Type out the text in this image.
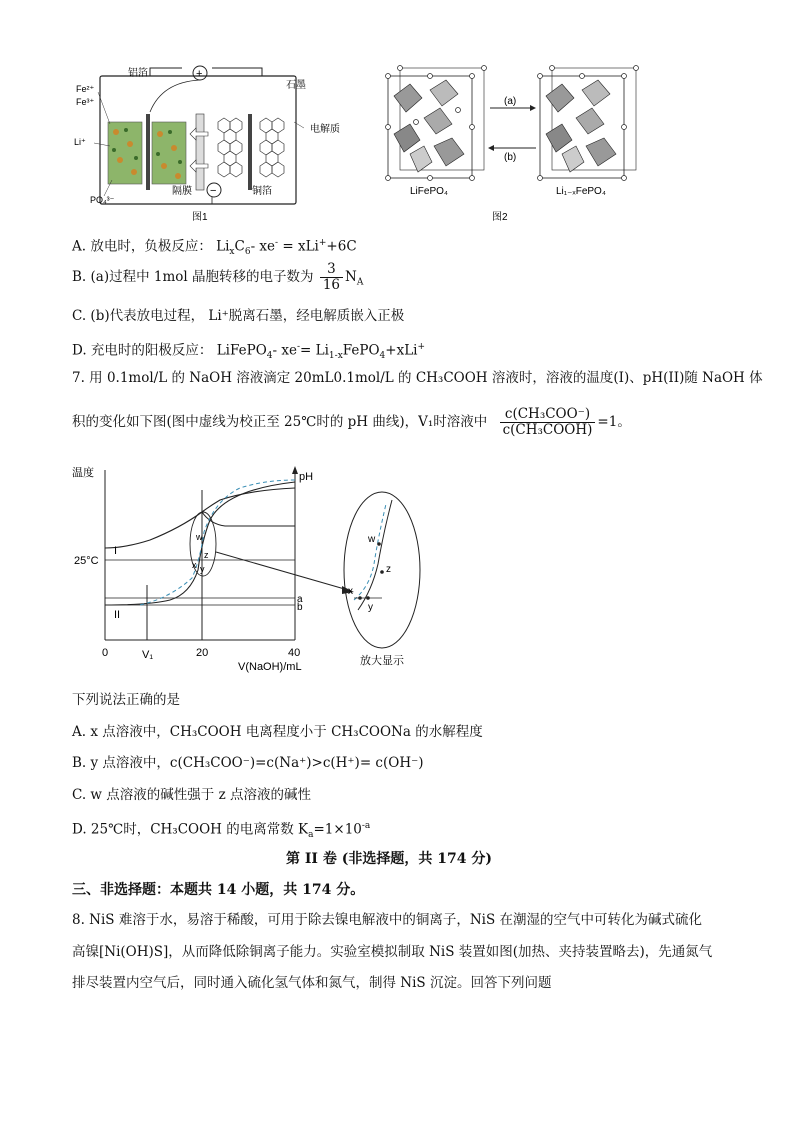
+
−
Fe²⁺
Fe³⁺
Li⁺
PO₄³⁻
铝箔
石墨
电解质
隔膜	铜箔
图1
(a)
(b)
LiFePO₄	Li₁₋ₓFePO₄
图2
A. 放电时，负极反应： $Li_xC_6-$ xe- = xLi++6C
B. (a)过程中 1mol 晶胞转移的电子数为 $\frac{3}{16} N_A$
C. (b)代表放电过程， Li⁺脱离石墨，经电解质嵌入正极
D. 充电时的阳极反应： LiFePO$_4$- $xe^-= Li_{1-x}FePO_4+xLi^+$
7. 用 0.1mol/L 的 NaOH 溶液滴定 20mL0.1mol/L 的 CH₃COOH 溶液时，溶液的温度(I)、pH(II)随 NaOH 体
积的变化如下图(图中虚线为校正至 25℃时的 pH 曲线)，V₁时溶液中 $\frac{\text{c(CH₃COO⁻)}}{\text{c(CH₃COOH)}} =1$。
温度	pH
25°C
a
b
I
II
w
z
x y
w
z
x
y
放大显示
0	V₁	20	40
V(NaOH)/mL
下列说法正确的是
A. x 点溶液中，CH₃COOH 电离程度小于 CH₃COONa 的水解程度
B. y 点溶液中，c(CH₃COO⁻)=c(Na⁺)>c(H⁺)= c(OH⁻)
C. w 点溶液的碱性强于 z 点溶液的碱性
D. 25℃时，CH₃COOH 的电离常数 $K_a=1\times 10^{-a}$
第 II 卷 (非选择题，共 174 分)
三、非选择题：本题共 14 小题，共 174 分。
8. NiS 难溶于水，易溶于稀酸，可用于除去镍电解液中的铜离子，NiS 在潮湿的空气中可转化为碱式硫化
高镍[Ni(OH)S]，从而降低除铜离子能力。实验室模拟制取 NiS 装置如图(加热、夹持装置略去)，先通氮气
排尽装置内空气后，同时通入硫化氢气体和氮气，制得 NiS 沉淀。回答下列问题
